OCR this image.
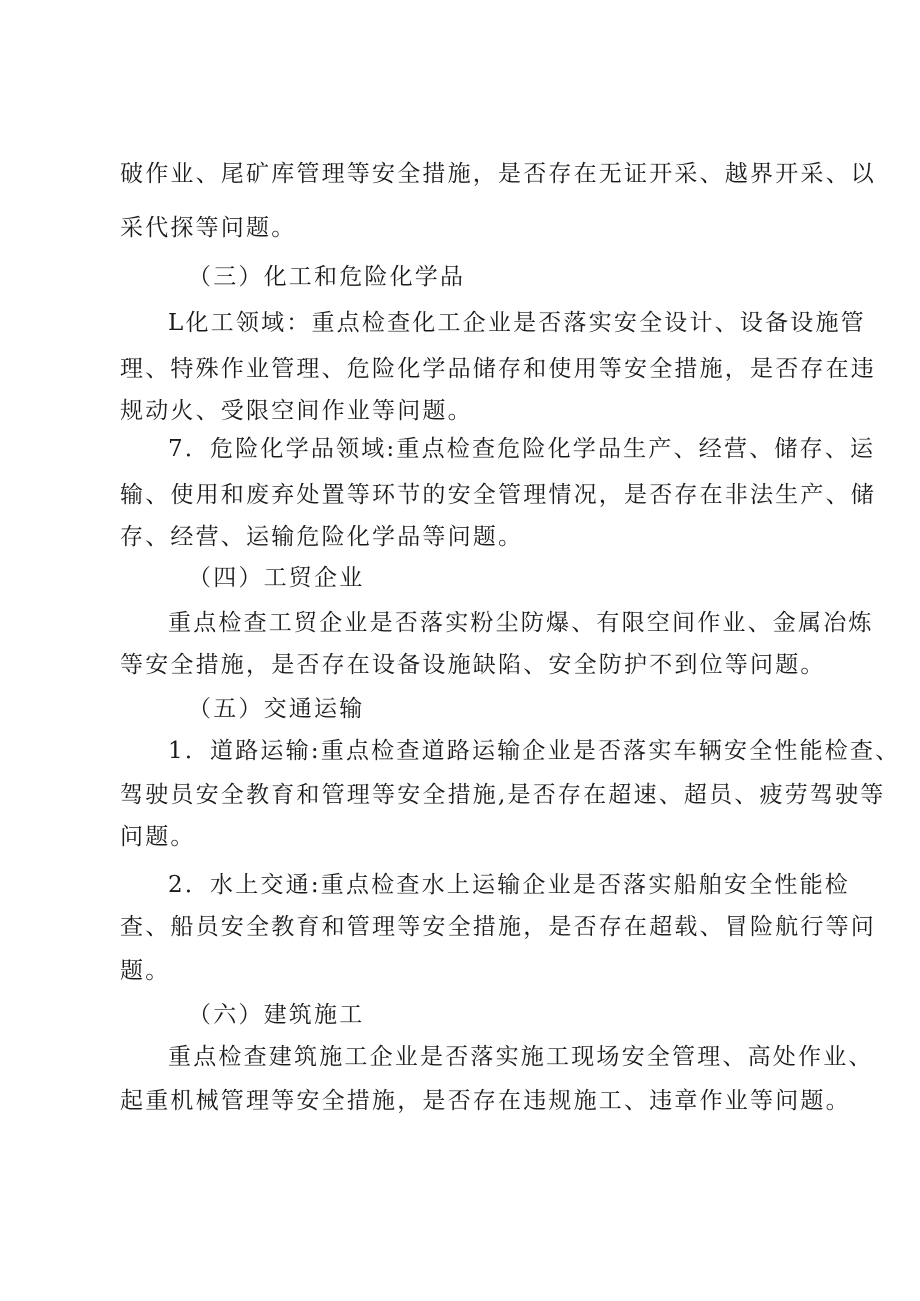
破作业、尾矿库管理等安全措施，是否存在无证开采、越界开采、以
采代探等问题。
（三）化工和危险化学品
L化工领域：重点检查化工企业是否落实安全设计、设备设施管
理、特殊作业管理、危险化学品储存和使用等安全措施，是否存在违
规动火、受限空间作业等问题。
7．危险化学品领域:重点检查危险化学品生产、经营、储存、运
输、使用和废弃处置等环节的安全管理情况，是否存在非法生产、储
存、经营、运输危险化学品等问题。
（四）工贸企业
重点检查工贸企业是否落实粉尘防爆、有限空间作业、金属冶炼
等安全措施，是否存在设备设施缺陷、安全防护不到位等问题。
（五）交通运输
1．道路运输:重点检查道路运输企业是否落实车辆安全性能检查、
驾驶员安全教育和管理等安全措施,是否存在超速、超员、疲劳驾驶等
问题。
2．水上交通:重点检查水上运输企业是否落实船舶安全性能检
查、船员安全教育和管理等安全措施，是否存在超载、冒险航行等问
题。
（六）建筑施工
重点检查建筑施工企业是否落实施工现场安全管理、高处作业、
起重机械管理等安全措施，是否存在违规施工、违章作业等问题。
